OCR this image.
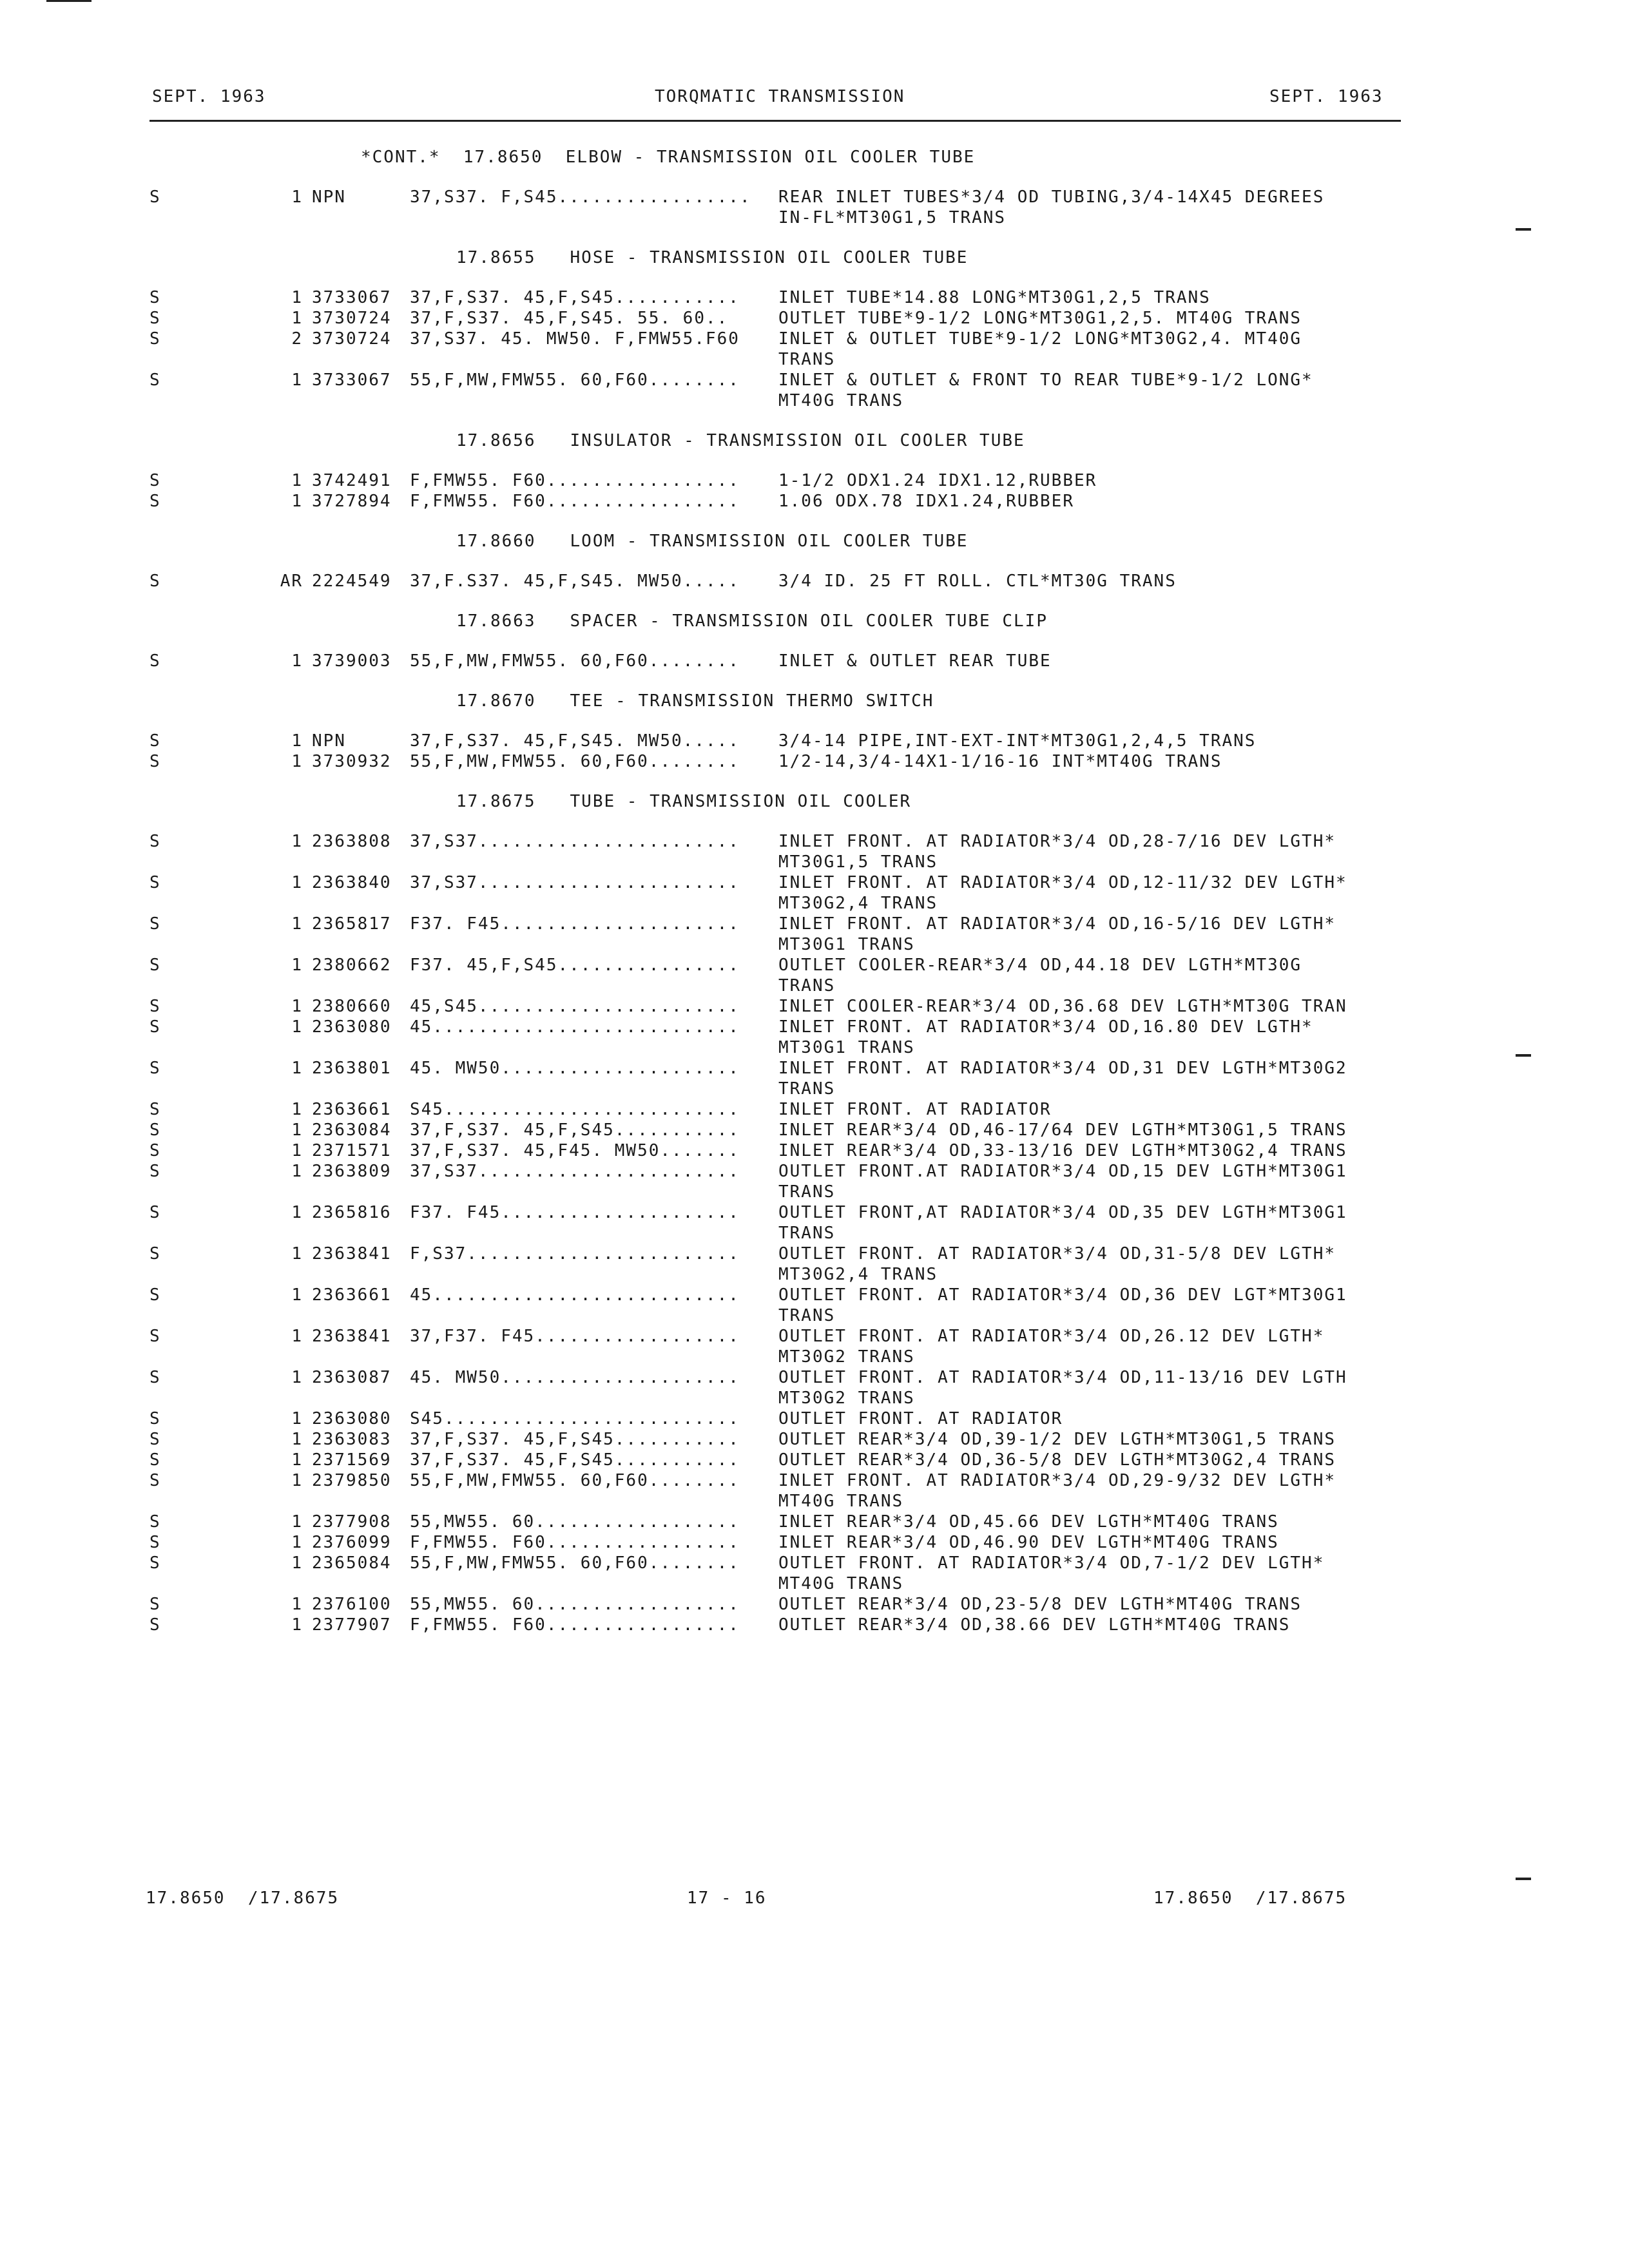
SEPT. 1963	TORQMATIC TRANSMISSION	SEPT. 1963
*CONT.*  17.8650  ELBOW - TRANSMISSION OIL COOLER TUBE
S	1 NPN	37,S37. F,S45................. REAR INLET TUBES*3/4 OD TUBING,3/4-14X45 DEGREES
IN-FL*MT30G1,5 TRANS
17.8655   HOSE - TRANSMISSION OIL COOLER TUBE
S	1 3733067 37,F,S37. 45,F,S45........... INLET TUBE*14.88 LONG*MT30G1,2,5 TRANS
S	1 3730724 37,F,S37. 45,F,S45. 55. 60..	OUTLET TUBE*9-1/2 LONG*MT30G1,2,5. MT40G TRANS
S	2 3730724 37,S37. 45. MW50. F,FMW55.F60 INLET & OUTLET TUBE*9-1/2 LONG*MT30G2,4. MT40G
TRANS
S	1 3733067 55,F,MW,FMW55. 60,F60........ INLET & OUTLET & FRONT TO REAR TUBE*9-1/2 LONG*
MT40G TRANS
17.8656   INSULATOR - TRANSMISSION OIL COOLER TUBE
S	1 3742491 F,FMW55. F60................. 1-1/2 ODX1.24 IDX1.12,RUBBER
S	1 3727894 F,FMW55. F60................. 1.06 ODX.78 IDX1.24,RUBBER
17.8660   LOOM - TRANSMISSION OIL COOLER TUBE
S	AR 2224549 37,F.S37. 45,F,S45. MW50..... 3/4 ID. 25 FT ROLL. CTL*MT30G TRANS
17.8663   SPACER - TRANSMISSION OIL COOLER TUBE CLIP
S	1 3739003 55,F,MW,FMW55. 60,F60........ INLET & OUTLET REAR TUBE
17.8670   TEE - TRANSMISSION THERMO SWITCH
S	1 NPN	37,F,S37. 45,F,S45. MW50..... 3/4-14 PIPE,INT-EXT-INT*MT30G1,2,4,5 TRANS
S	1 3730932 55,F,MW,FMW55. 60,F60........ 1/2-14,3/4-14X1-1/16-16 INT*MT40G TRANS
17.8675   TUBE - TRANSMISSION OIL COOLER
S	1 2363808 37,S37....................... INLET FRONT. AT RADIATOR*3/4 OD,28-7/16 DEV LGTH*
MT30G1,5 TRANS
S	1 2363840 37,S37....................... INLET FRONT. AT RADIATOR*3/4 OD,12-11/32 DEV LGTH*
MT30G2,4 TRANS
S	1 2365817 F37. F45..................... INLET FRONT. AT RADIATOR*3/4 OD,16-5/16 DEV LGTH*
MT30G1 TRANS
S	1 2380662 F37. 45,F,S45................ OUTLET COOLER-REAR*3/4 OD,44.18 DEV LGTH*MT30G
TRANS
S	1 2380660 45,S45....................... INLET COOLER-REAR*3/4 OD,36.68 DEV LGTH*MT30G TRAN
S	1 2363080 45........................... INLET FRONT. AT RADIATOR*3/4 OD,16.80 DEV LGTH*
MT30G1 TRANS
S	1 2363801 45. MW50..................... INLET FRONT. AT RADIATOR*3/4 OD,31 DEV LGTH*MT30G2
TRANS
S	1 2363661 S45.......................... INLET FRONT. AT RADIATOR
S	1 2363084 37,F,S37. 45,F,S45........... INLET REAR*3/4 OD,46-17/64 DEV LGTH*MT30G1,5 TRANS
S	1 2371571 37,F,S37. 45,F45. MW50....... INLET REAR*3/4 OD,33-13/16 DEV LGTH*MT30G2,4 TRANS
S	1 2363809 37,S37....................... OUTLET FRONT.AT RADIATOR*3/4 OD,15 DEV LGTH*MT30G1
TRANS
S	1 2365816 F37. F45..................... OUTLET FRONT,AT RADIATOR*3/4 OD,35 DEV LGTH*MT30G1
TRANS
S	1 2363841 F,S37........................ OUTLET FRONT. AT RADIATOR*3/4 OD,31-5/8 DEV LGTH*
MT30G2,4 TRANS
S	1 2363661 45........................... OUTLET FRONT. AT RADIATOR*3/4 OD,36 DEV LGT*MT30G1
TRANS
S	1 2363841 37,F37. F45.................. OUTLET FRONT. AT RADIATOR*3/4 OD,26.12 DEV LGTH*
MT30G2 TRANS
S	1 2363087 45. MW50..................... OUTLET FRONT. AT RADIATOR*3/4 OD,11-13/16 DEV LGTH
MT30G2 TRANS
S	1 2363080 S45.......................... OUTLET FRONT. AT RADIATOR
S	1 2363083 37,F,S37. 45,F,S45........... OUTLET REAR*3/4 OD,39-1/2 DEV LGTH*MT30G1,5 TRANS
S	1 2371569 37,F,S37. 45,F,S45........... OUTLET REAR*3/4 OD,36-5/8 DEV LGTH*MT30G2,4 TRANS
S	1 2379850 55,F,MW,FMW55. 60,F60........ INLET FRONT. AT RADIATOR*3/4 OD,29-9/32 DEV LGTH*
MT40G TRANS
S	1 2377908 55,MW55. 60.................. INLET REAR*3/4 OD,45.66 DEV LGTH*MT40G TRANS
S	1 2376099 F,FMW55. F60................. INLET REAR*3/4 OD,46.90 DEV LGTH*MT40G TRANS
S	1 2365084 55,F,MW,FMW55. 60,F60........ OUTLET FRONT. AT RADIATOR*3/4 OD,7-1/2 DEV LGTH*
MT40G TRANS
S	1 2376100 55,MW55. 60.................. OUTLET REAR*3/4 OD,23-5/8 DEV LGTH*MT40G TRANS
S	1 2377907 F,FMW55. F60................. OUTLET REAR*3/4 OD,38.66 DEV LGTH*MT40G TRANS
17.8650  /17.8675	17 - 16	17.8650  /17.8675
